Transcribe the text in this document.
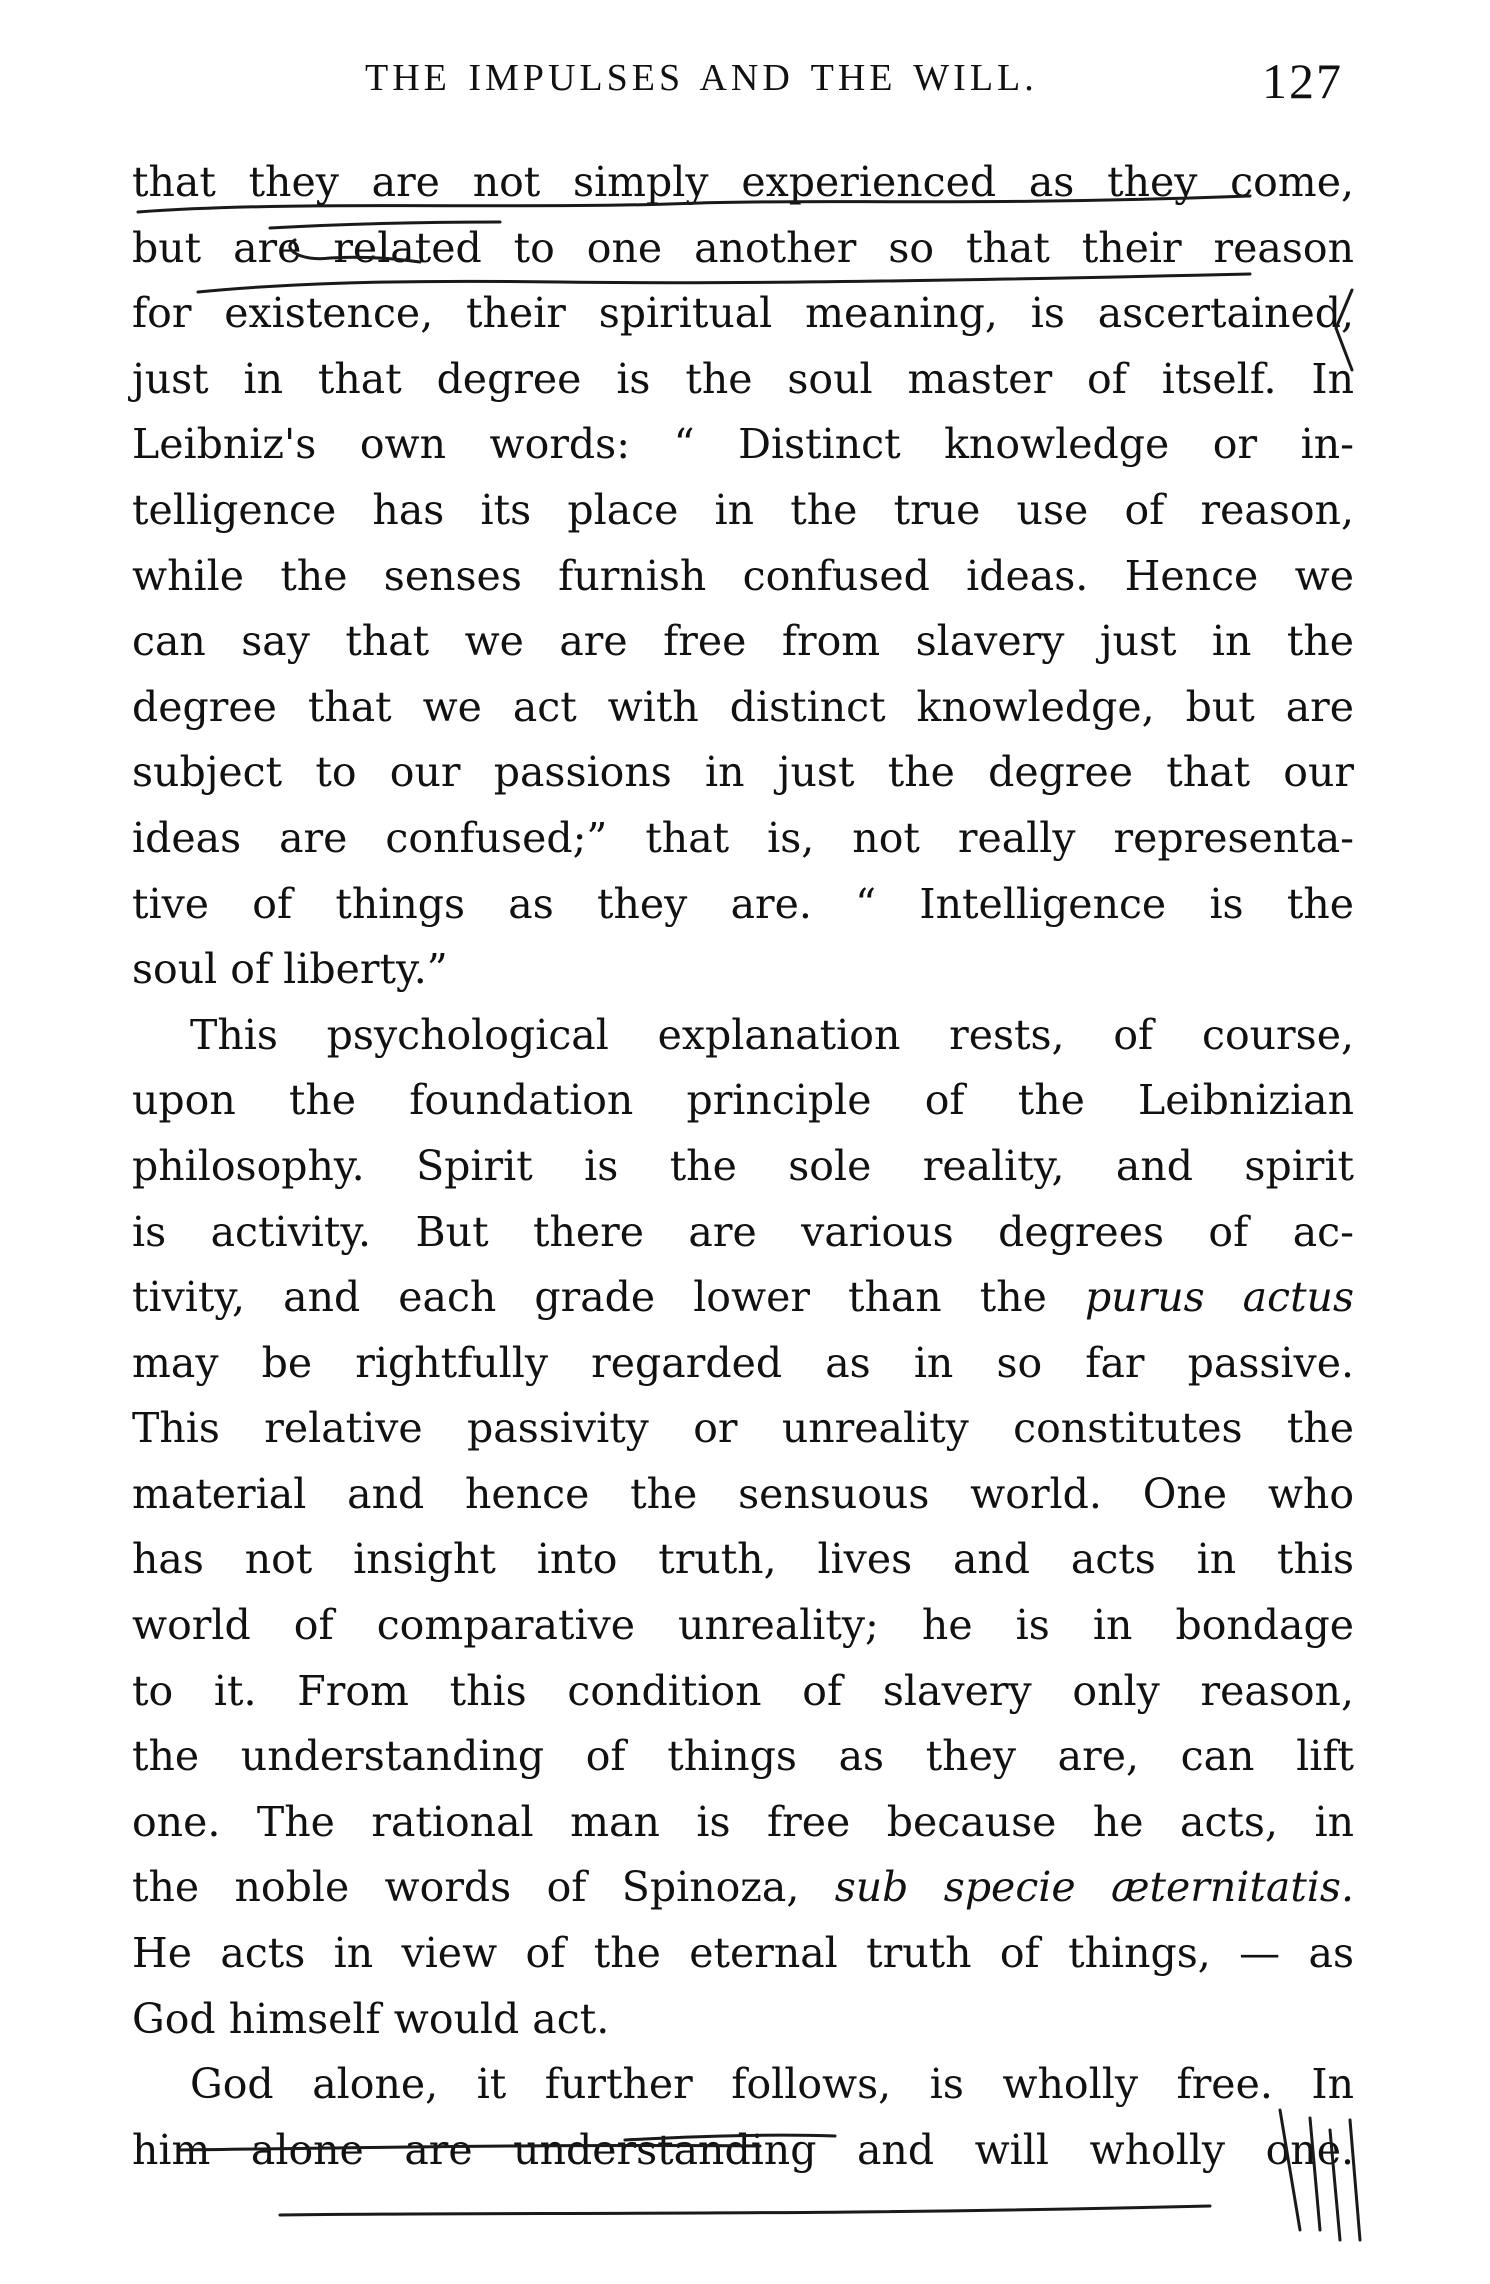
THE IMPULSES AND THE WILL.	127
that they are not simply experienced as they come,
but are related to one another so that their reason
for existence, their spiritual meaning, is ascertained,
just in that degree is the soul master of itself. In
Leibniz's own words: “ Distinct knowledge or in-
telligence has its place in the true use of reason,
while the senses furnish confused ideas. Hence we
can say that we are free from slavery just in the
degree that we act with distinct knowledge, but are
subject to our passions in just the degree that our
ideas are confused;” that is, not really representa-
tive of things as they are. “ Intelligence is the
soul of liberty.”
This psychological explanation rests, of course,
upon the foundation principle of the Leibnizian
philosophy. Spirit is the sole reality, and spirit
is activity. But there are various degrees of ac-
tivity, and each grade lower than the purus actus
may be rightfully regarded as in so far passive.
This relative passivity or unreality constitutes the
material and hence the sensuous world. One who
has not insight into truth, lives and acts in this
world of comparative unreality; he is in bondage
to it. From this condition of slavery only reason,
the understanding of things as they are, can lift
one. The rational man is free because he acts, in
the noble words of Spinoza, sub specie æternitatis.
He acts in view of the eternal truth of things, — as
God himself would act.
God alone, it further follows, is wholly free. In
him alone are understanding and will wholly one.
